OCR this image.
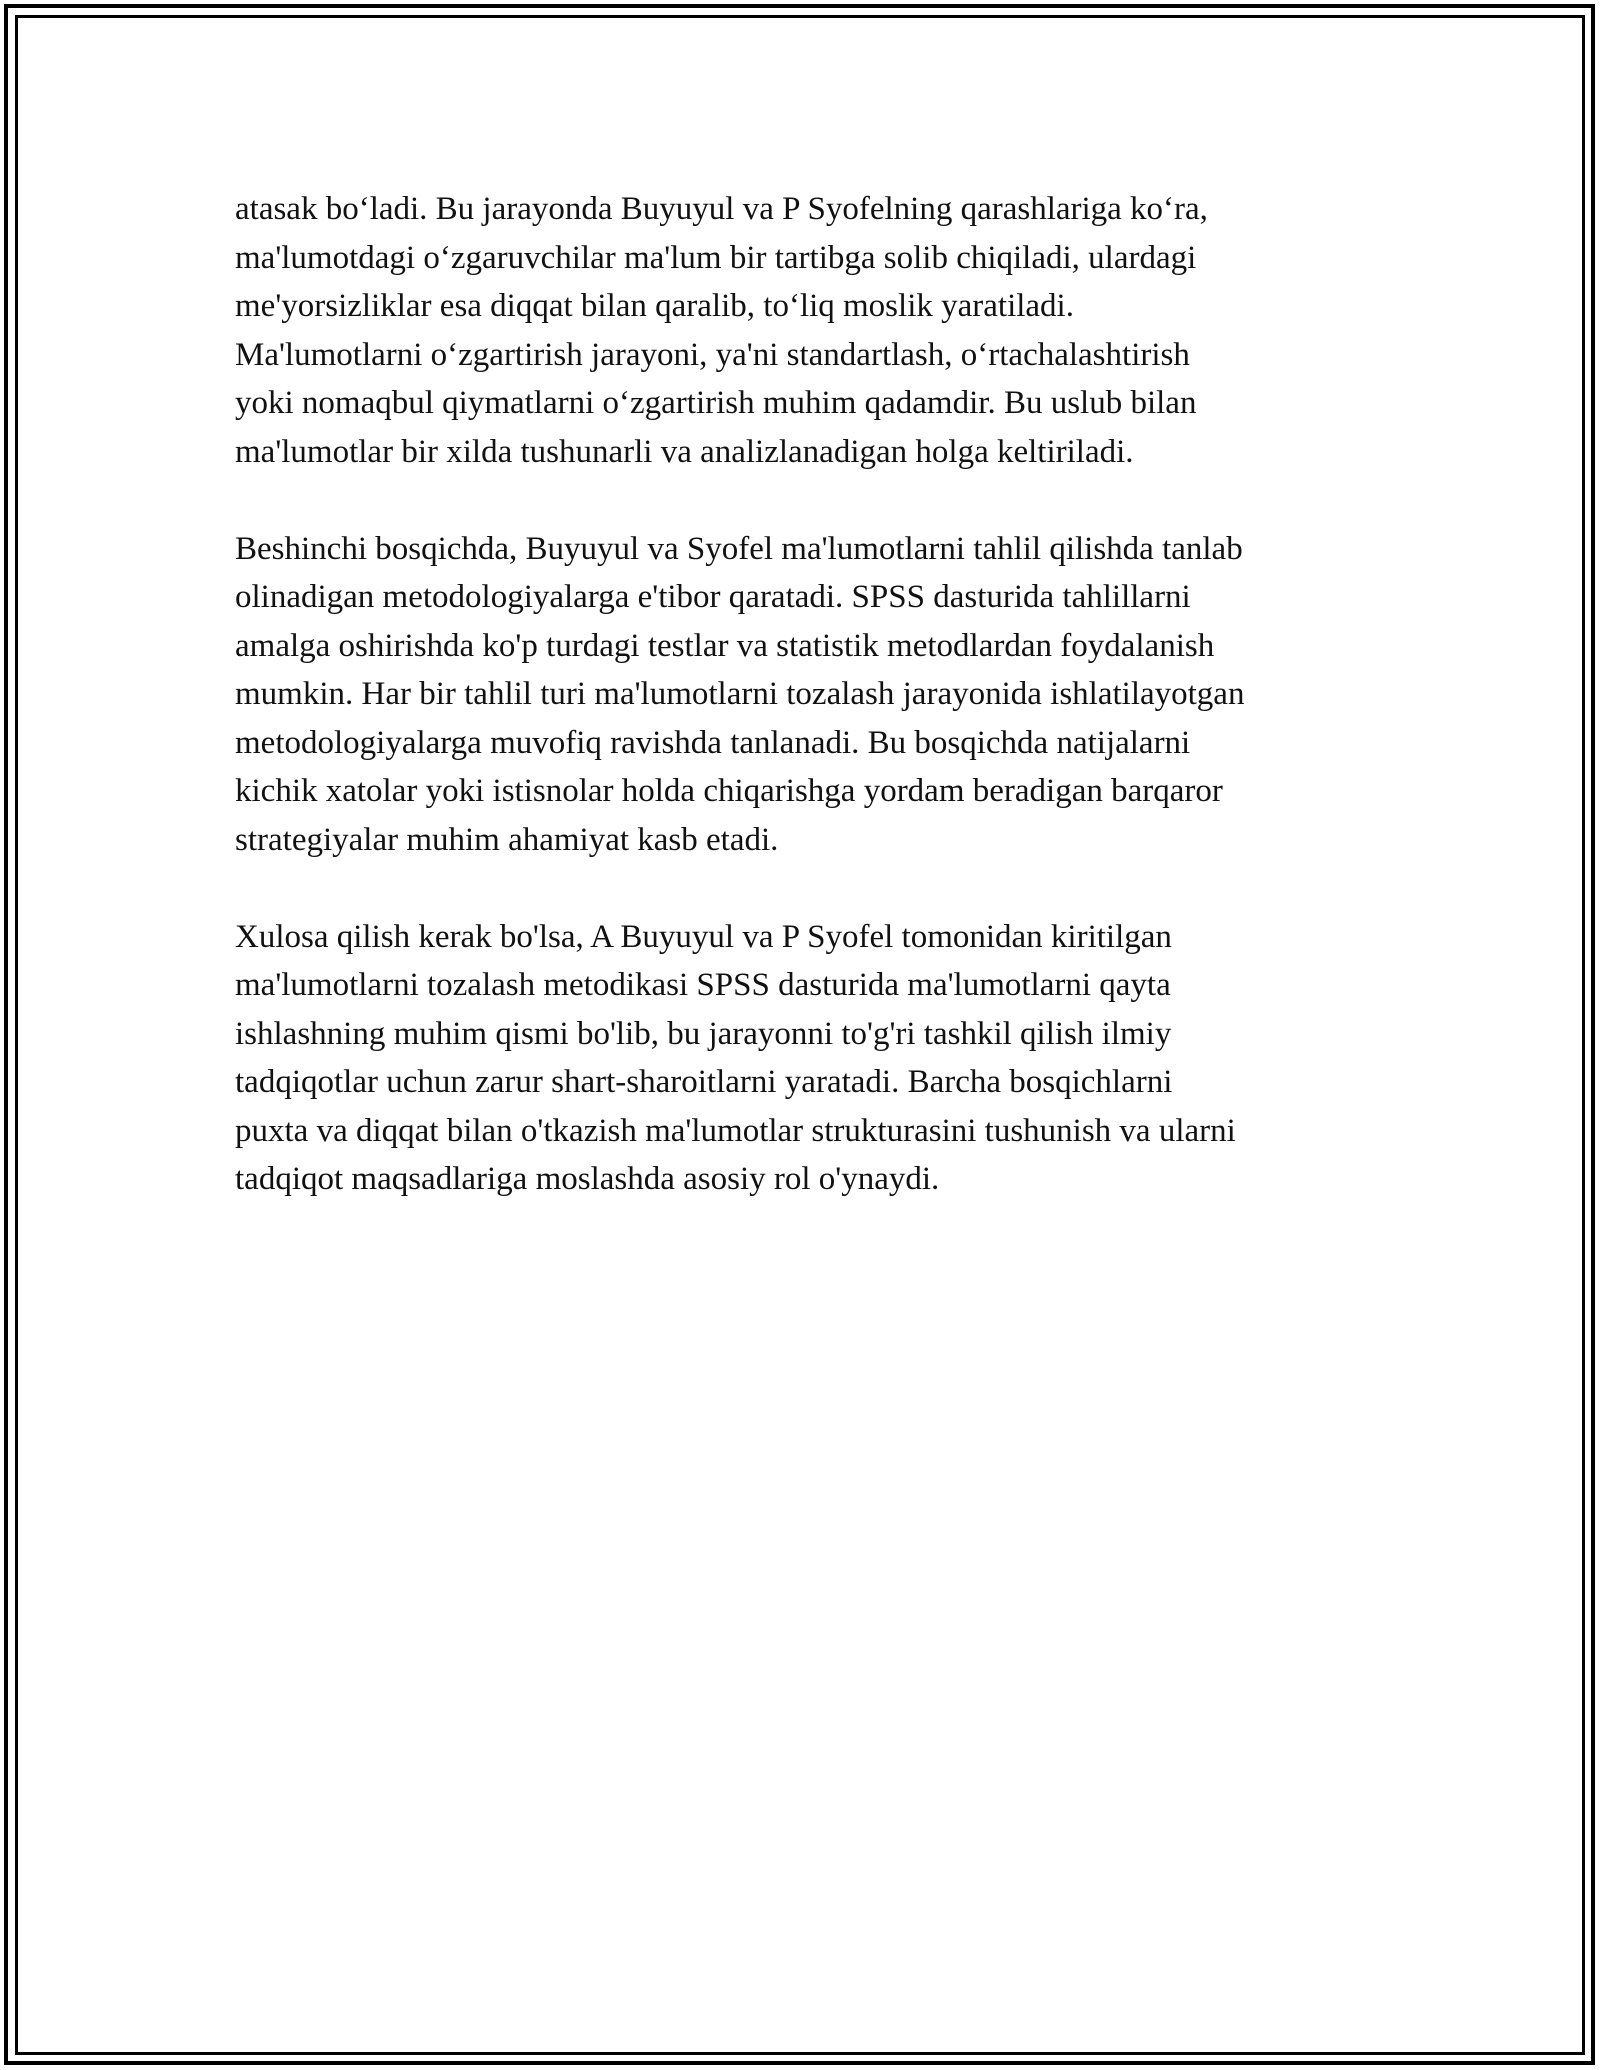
atasak bo‘ladi. Bu jarayonda Buyuyul va P Syofelning qarashlariga ko‘ra,
ma'lumotdagi o‘zgaruvchilar ma'lum bir tartibga solib chiqiladi, ulardagi
me'yorsizliklar esa diqqat bilan qaralib, to‘liq moslik yaratiladi.
Ma'lumotlarni o‘zgartirish jarayoni, ya'ni standartlash, o‘rtachalashtirish
yoki nomaqbul qiymatlarni o‘zgartirish muhim qadamdir. Bu uslub bilan
ma'lumotlar bir xilda tushunarli va analizlanadigan holga keltiriladi.

Beshinchi bosqichda, Buyuyul va Syofel ma'lumotlarni tahlil qilishda tanlab
olinadigan metodologiyalarga e'tibor qaratadi. SPSS dasturida tahlillarni
amalga oshirishda ko'p turdagi testlar va statistik metodlardan foydalanish
mumkin. Har bir tahlil turi ma'lumotlarni tozalash jarayonida ishlatilayotgan
metodologiyalarga muvofiq ravishda tanlanadi. Bu bosqichda natijalarni
kichik xatolar yoki istisnolar holda chiqarishga yordam beradigan barqaror
strategiyalar muhim ahamiyat kasb etadi.

Xulosa qilish kerak bo'lsa, A Buyuyul va P Syofel tomonidan kiritilgan
ma'lumotlarni tozalash metodikasi SPSS dasturida ma'lumotlarni qayta
ishlashning muhim qismi bo'lib, bu jarayonni to'g'ri tashkil qilish ilmiy
tadqiqotlar uchun zarur shart-sharoitlarni yaratadi. Barcha bosqichlarni
puxta va diqqat bilan o'tkazish ma'lumotlar strukturasini tushunish va ularni
tadqiqot maqsadlariga moslashda asosiy rol o'ynaydi.
